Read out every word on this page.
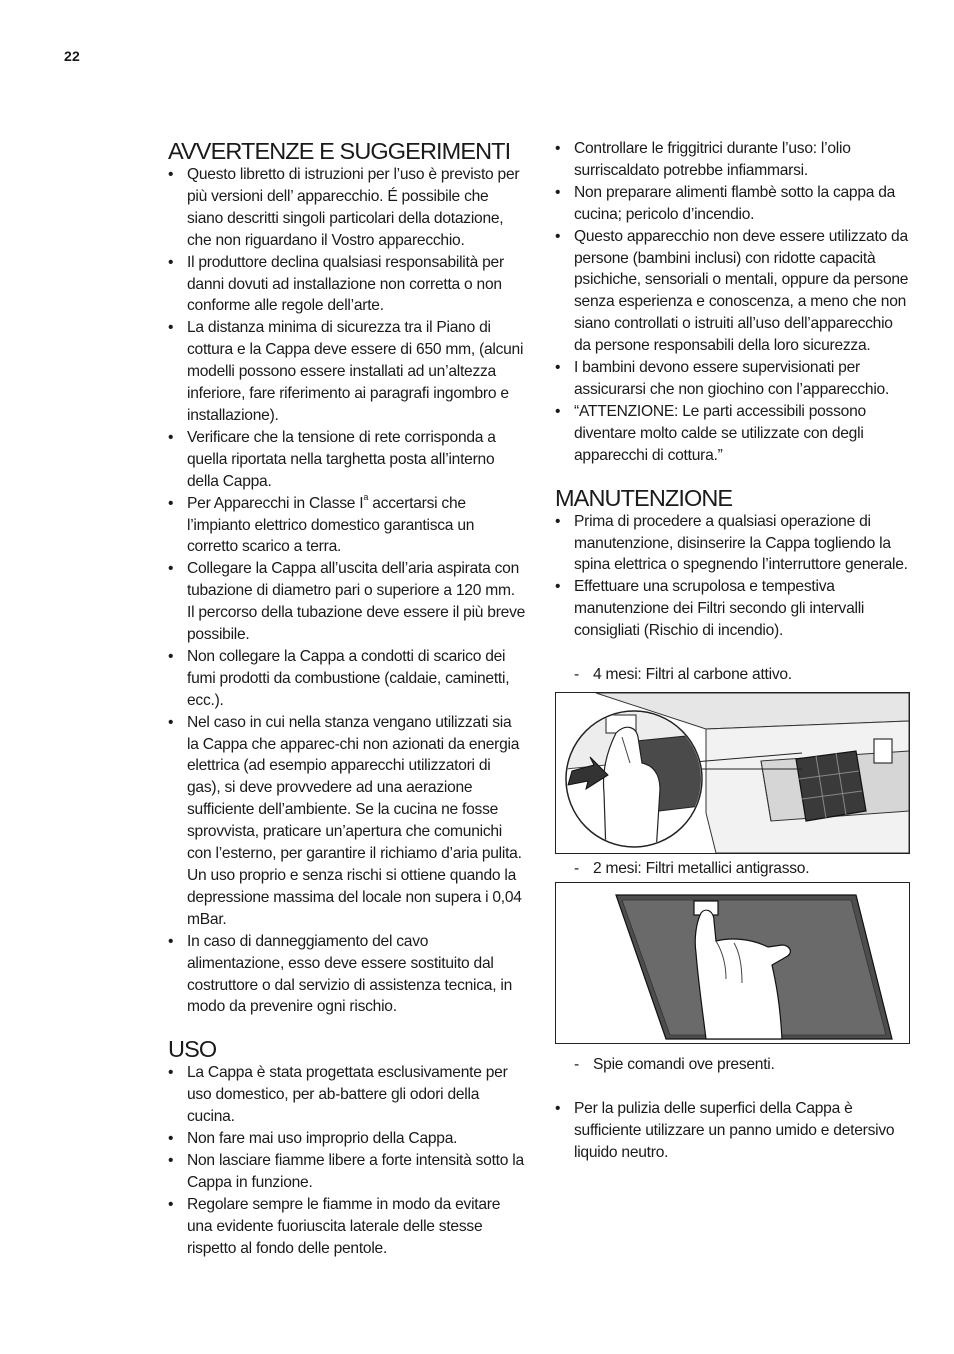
22
AVVERTENZE E SUGGERIMENTI
• Questo libretto di istruzioni per l’uso è previsto per più versioni dell’ apparecchio. É possibile che siano descritti singoli particolari della dotazione, che non riguardano il Vostro apparecchio.
• Il produttore declina qualsiasi responsabilità per danni dovuti ad installazione non corretta o non conforme alle regole dell’arte.
• La distanza minima di sicurezza tra il Piano di cottura e la Cappa deve essere di 650 mm, (alcuni modelli possono essere installati ad un’altezza inferiore, fare riferimento ai paragrafi ingombro e installazione).
• Verificare che la tensione di rete corrisponda a quella riportata nella targhetta posta all’interno della Cappa.
• Per Apparecchi in Classe $I^a$ accertarsi che l’impianto elettrico domestico garantisca un corretto scarico a terra.
• Collegare la Cappa all’uscita dell’aria aspirata con tubazione di diametro pari o superiore a 120 mm. Il percorso della tubazione deve essere il più breve possibile.
• Non collegare la Cappa a condotti di scarico dei fumi prodotti da combustione (caldaie, caminetti, ecc.).
• Nel caso in cui nella stanza vengano utilizzati sia la Cappa che apparec-chi non azionati da energia elettrica (ad esempio apparecchi utilizzatori di gas), si deve provvedere ad una aerazione sufficiente dell’ambiente. Se la cucina ne fosse sprovvista, praticare un’apertura che comunichi con l’esterno, per garantire il richiamo d’aria pulita. Un uso proprio e senza rischi si ottiene quando la depressione massima del locale non supera i 0,04 mBar.
• In caso di danneggiamento del cavo alimentazione, esso deve essere sostituito dal costruttore o dal servizio di assistenza tecnica, in modo da prevenire ogni rischio.
USO
• La Cappa è stata progettata esclusivamente per uso domestico, per ab-battere gli odori della cucina.
• Non fare mai uso improprio della Cappa.
• Non lasciare fiamme libere a forte intensità sotto la Cappa in funzione.
• Regolare sempre le fiamme in modo da evitare una evidente fuoriuscita laterale delle stesse rispetto al fondo delle pentole.
• Controllare le friggitrici durante l’uso: l’olio surriscaldato potrebbe infiammarsi.
• Non preparare alimenti flambè sotto la cappa da cucina; pericolo d’incendio.
• Questo apparecchio non deve essere utilizzato da persone (bambini inclusi) con ridotte capacità psichiche, sensoriali o mentali, oppure da persone senza esperienza e conoscenza, a meno che non siano controllati o istruiti all’uso dell’apparecchio da persone responsabili della loro sicurezza.
• I bambini devono essere supervisionati per assicurarsi che non giochino con l’apparecchio.
• “ATTENZIONE: Le parti accessibili possono diventare molto calde se utilizzate con degli apparecchi di cottura.”
MANUTENZIONE
• Prima di procedere a qualsiasi operazione di manutenzione, disinserire la Cappa togliendo la spina elettrica o spegnendo l’interruttore generale.
• Effettuare una scrupolosa e tempestiva manutenzione dei Filtri secondo gli intervalli consigliati (Rischio di incendio).
- 4 mesi: Filtri al carbone attivo.
- 2 mesi: Filtri metallici antigrasso.
- Spie comandi ove presenti.
• Per la pulizia delle superfici della Cappa è sufficiente utilizzare un panno umido e detersivo liquido neutro.
